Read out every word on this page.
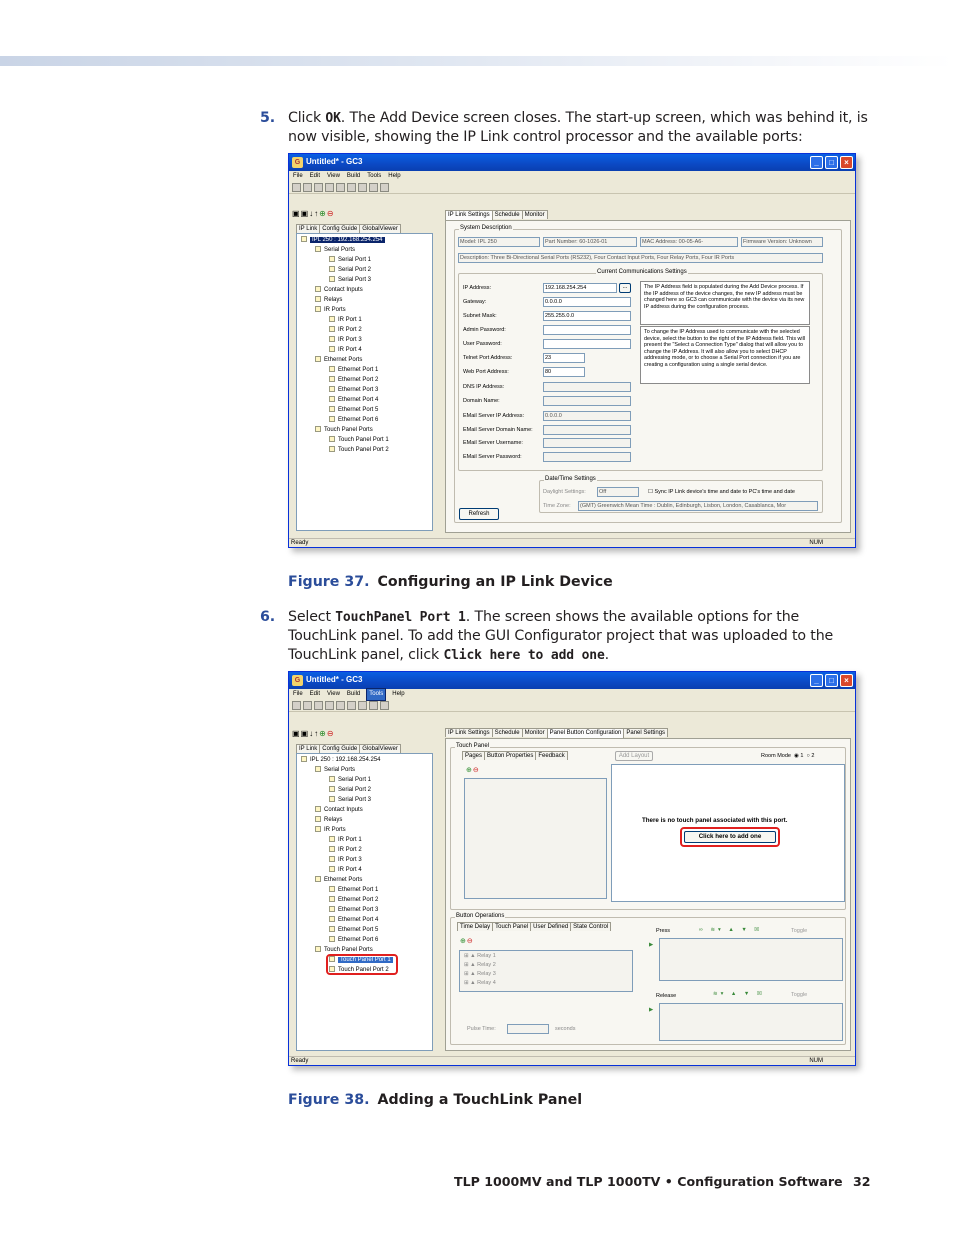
5. Click OK. The Add Device screen closes. The start-up screen, which was behind it, is now visible, showing the IP Link control processor and the available ports:
G Untitled* - GC3	_	□	×
File Edit View Build Tools Help
▣▣↓↑⊕⊖
IP Link Config Guide GlobalViewer
IPL 250 : 192.168.254.254
Serial Ports
Serial Port 1
Serial Port 2
Serial Port 3
Contact Inputs
Relays
IR Ports
IR Port 1
IR Port 2
IR Port 3
IR Port 4
Ethernet Ports
Ethernet Port 1
Ethernet Port 2
Ethernet Port 3
Ethernet Port 4
Ethernet Port 5
Ethernet Port 6
Touch Panel Ports
Touch Panel Port 1
Touch Panel Port 2
IP Link Settings Schedule Monitor
System Description
Model: IPL 250	Part Number: 60-1026-01	MAC Address: 00-05-A6-	Firmware Version: Unknown
Description: Three Bi-Directional Serial Ports (RS232), Four Contact Input Ports, Four Relay Ports, Four IR Ports
Current Communications Settings
IP Address:	192.168.254.254	...
Gateway:	0.0.0.0
Subnet Mask:	255.255.0.0
Admin Password:
User Password:
Telnet Port Address:	23
Web Port Address:	80
DNS IP Address:
Domain Name:
EMail Server IP Address:	0.0.0.0
EMail Server Domain Name:
EMail Server Username:
EMail Server Password:
The IP Address field is populated during the Add Device process. If the IP address of the device changes, the new IP address must be changed here so GC3 can communicate with the device via its new IP address during the configuration process.
To change the IP Address used to communicate with the selected device, select the button to the right of the IP Address field. This will present the "Select a Connection Type" dialog that will allow you to change the IP Address. It will also allow you to select DHCP addressing mode, or to choose a Serial Port connection if you are creating a configuration using a single serial device.
Date/Time Settings
Daylight Settings:	Off	☐ Sync IP Link device's time and date to PC's time and date
Time Zone:	(GMT) Greenwich Mean Time : Dublin, Edinburgh, Lisbon, London, Casablanca, Mor
Refresh
Ready	NUM
Figure 37. Configuring an IP Link Device
6. Select TouchPanel Port 1. The screen shows the available options for the TouchLink panel. To add the GUI Configurator project that was uploaded to the TouchLink panel, click Click here to add one.
G Untitled* - GC3	_	□	×
File Edit View Build Tools Help
▣▣↓↑⊕⊖
IP Link Config Guide GlobalViewer
IPL 250 : 192.168.254.254
Serial Ports
Serial Port 1
Serial Port 2
Serial Port 3
Contact Inputs
Relays
IR Ports
IR Port 1
IR Port 2
IR Port 3
IR Port 4
Ethernet Ports
Ethernet Port 1
Ethernet Port 2
Ethernet Port 3
Ethernet Port 4
Ethernet Port 5
Ethernet Port 6
Touch Panel Ports
Touch Panel Port 1
Touch Panel Port 2
IP Link Settings Schedule Monitor Panel Button Configuration Panel Settings
Touch Panel
Pages Button Properties Feedback	Add Layout	Room Mode  ◉ 1  ○ 2
⊕⊖
There is no touch panel associated with this port.
Click here to add one
Button Operations
Time Delay Touch Panel User Defined State Control
⊕⊖
⊞ ▲ Relay 1
⊞ ▲ Relay 2
⊞ ▲ Relay 3
⊞ ▲ Relay 4
Pulse Time:	seconds
Press	∞ ≋▾ ▲ ▼ ☒	Toggle
▶
Release	≋▾ ▲ ▼ ☒	Toggle
▶
Ready	NUM
Figure 38. Adding a TouchLink Panel
TLP 1000MV and TLP 1000TV • Configuration Software 32
